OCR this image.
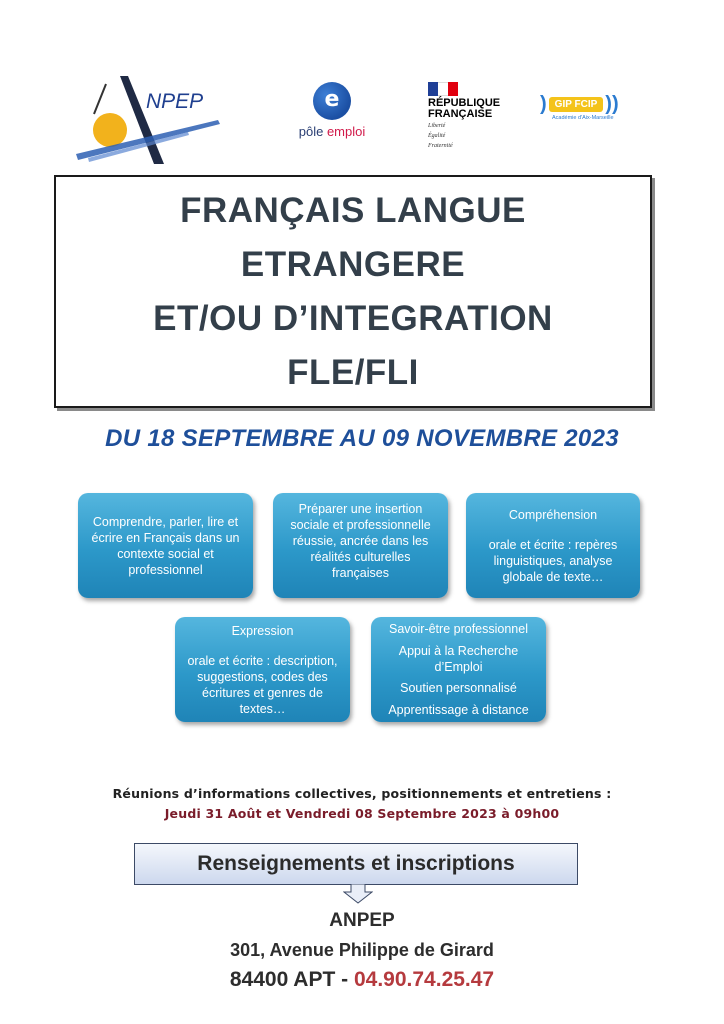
NPEP	e
pôle emploi
RÉPUBLIQUE
FRANÇAISE
Liberté
Égalité
Fraternité
) GIP FCIP ))
Académie d'Aix-Marseille
FRANÇAIS LANGUE
ETRANGERE
ET/OU D’INTEGRATION
FLE/FLI
DU 18 SEPTEMBRE AU 09 NOVEMBRE 2023
Comprendre, parler, lire et écrire en Français dans un contexte social et professionnel
Préparer une insertion sociale et professionnelle réussie, ancrée dans les réalités culturelles françaises
Compréhension
orale et écrite : repères linguistiques, analyse globale de texte…
Expression
orale et écrite : description, suggestions, codes des écritures et genres de textes…
Savoir-être professionnel
Appui à la Recherche d’Emploi
Soutien personnalisé
Apprentissage à distance
Réunions d’informations collectives, positionnements et entretiens :
Jeudi 31 Août et Vendredi 08 Septembre 2023 à 09h00
Renseignements et inscriptions
ANPEP
301, Avenue Philippe de Girard
84400 APT - 04.90.74.25.47
